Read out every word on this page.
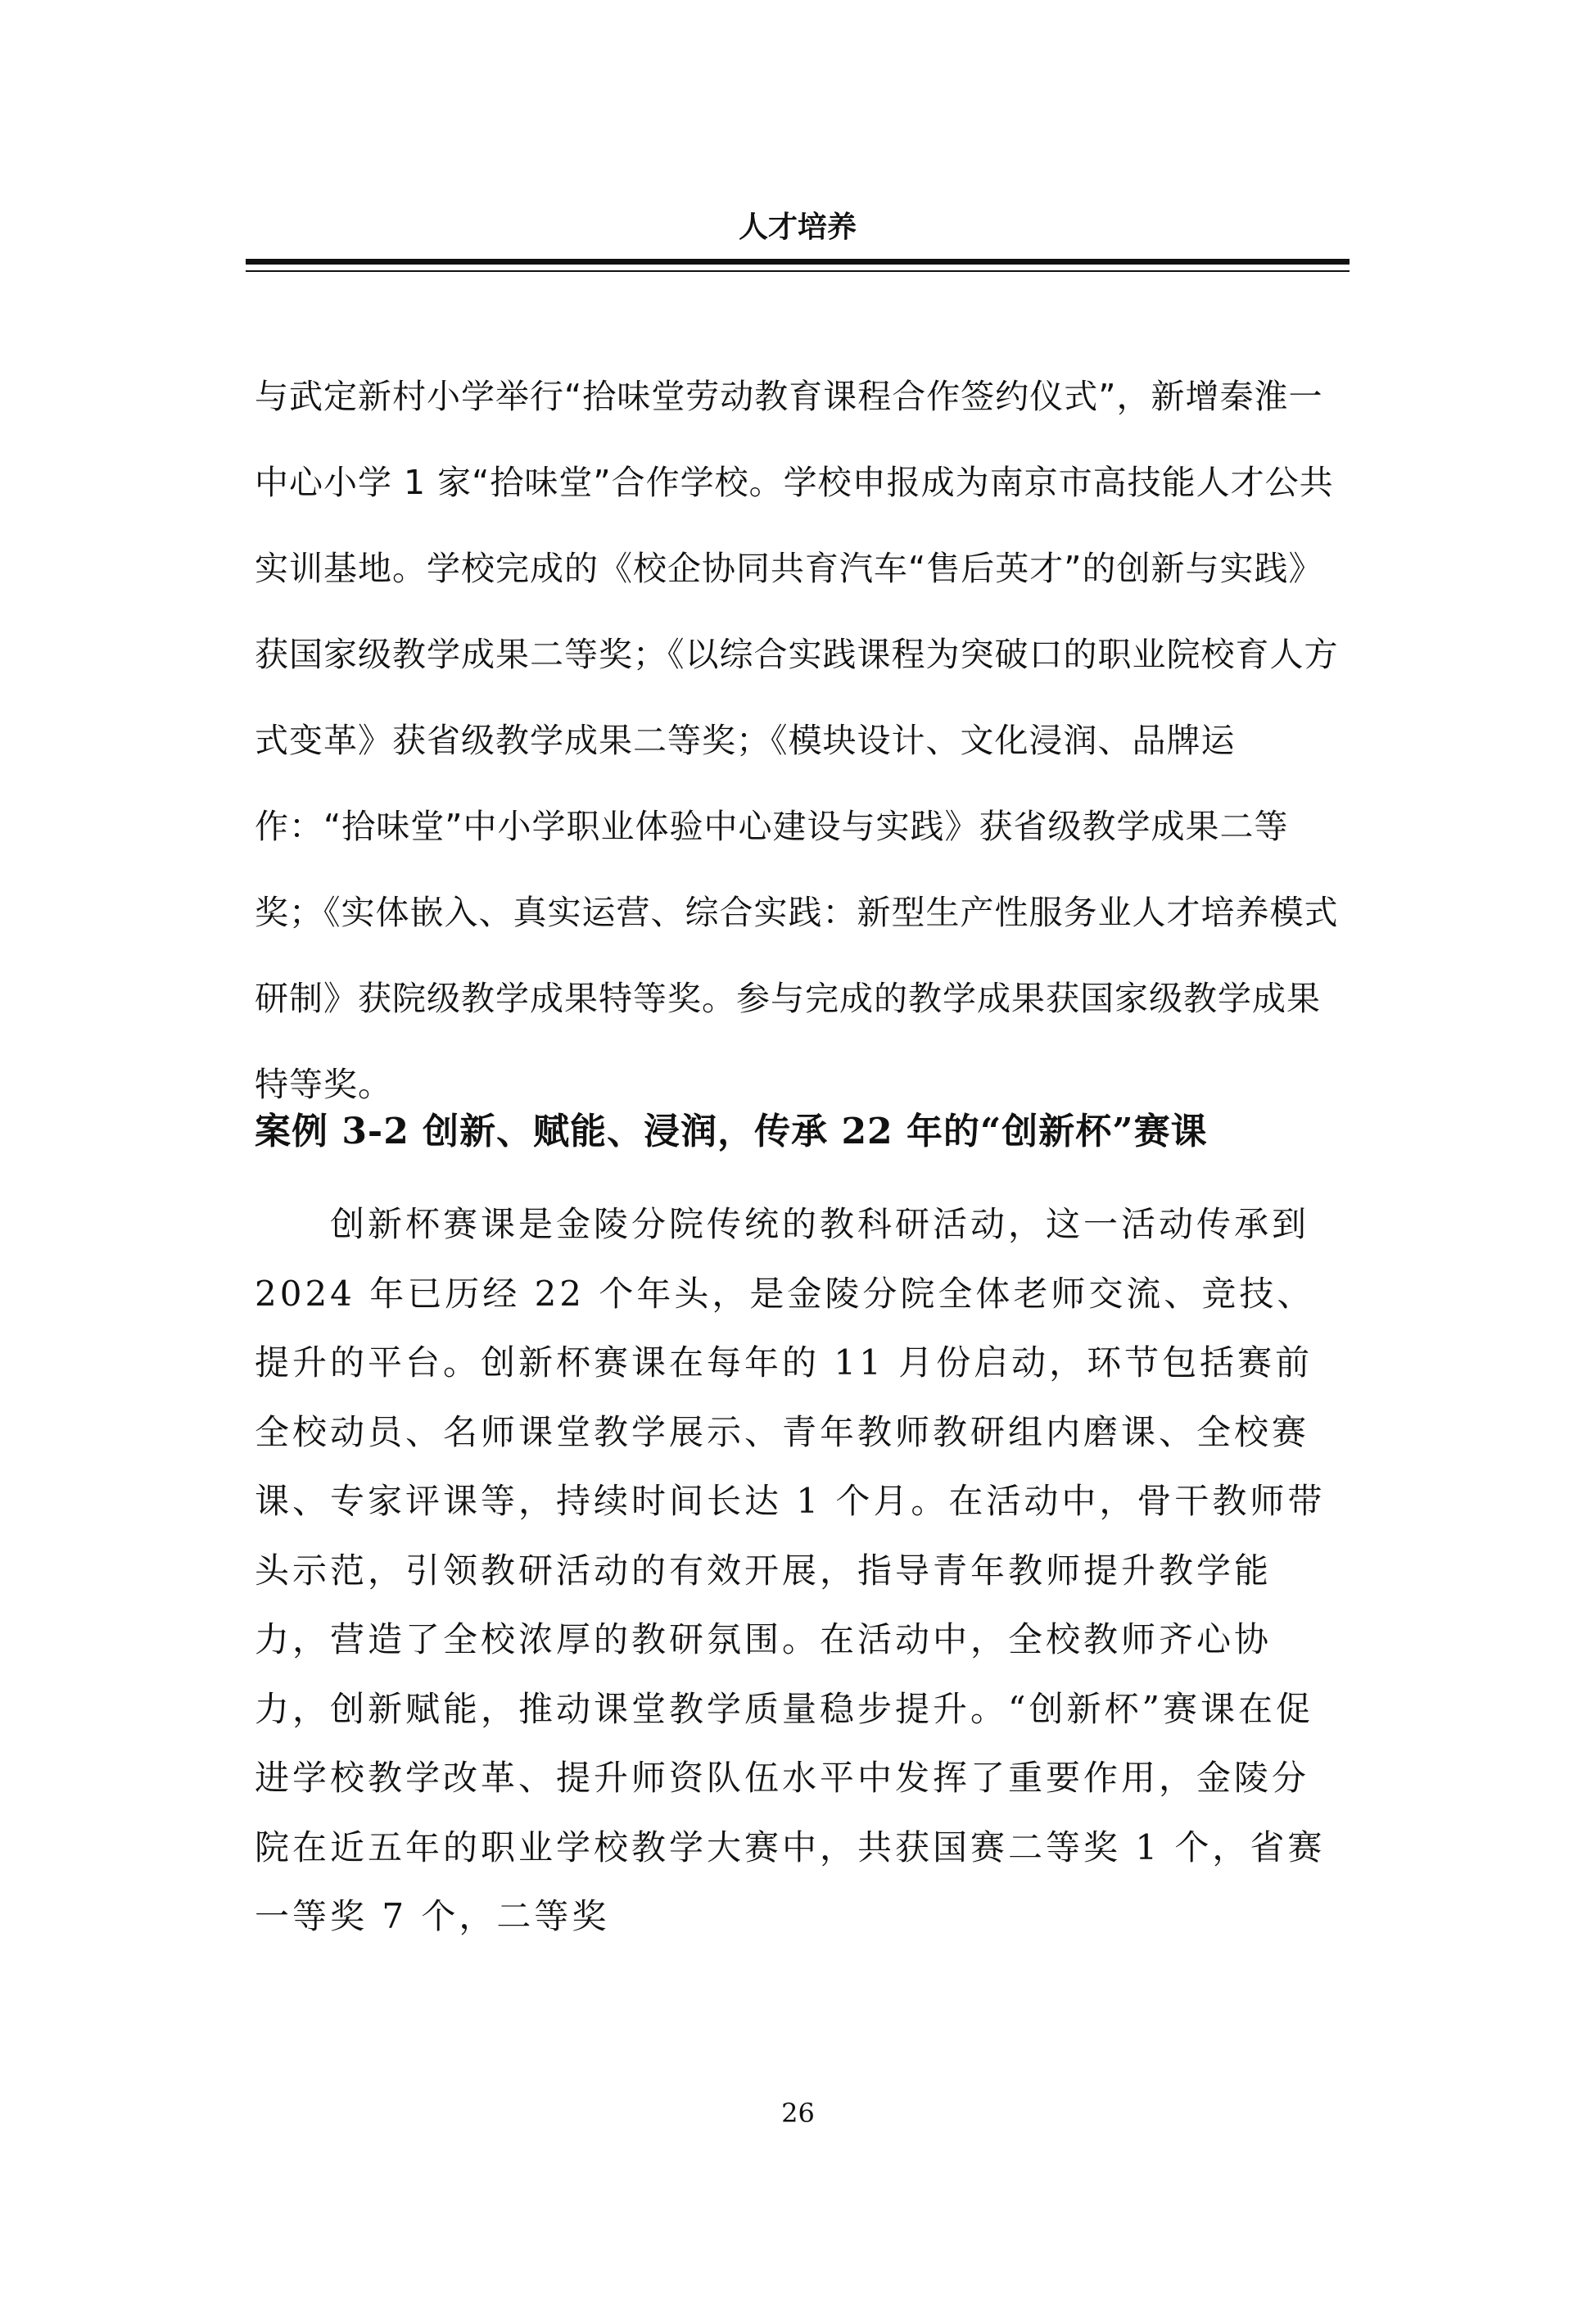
人才培养

与武定新村小学举行“拾味堂劳动教育课程合作签约仪式”，新增秦淮一中心小学 1 家“拾味堂”合作学校。学校申报成为南京市高技能人才公共实训基地。学校完成的《校企协同共育汽车“售后英才”的创新与实践》获国家级教学成果二等奖；《以综合实践课程为突破口的职业院校育人方式变革》获省级教学成果二等奖；《模块设计、文化浸润、品牌运作：“拾味堂”中小学职业体验中心建设与实践》获省级教学成果二等奖；《实体嵌入、真实运营、综合实践：新型生产性服务业人才培养模式研制》获院级教学成果特等奖。参与完成的教学成果获国家级教学成果特等奖。

案例 3-2 创新、赋能、浸润，传承 22 年的“创新杯”赛课

创新杯赛课是金陵分院传统的教科研活动，这一活动传承到 2024 年已历经 22 个年头，是金陵分院全体老师交流、竞技、提升的平台。创新杯赛课在每年的 11 月份启动，环节包括赛前全校动员、名师课堂教学展示、青年教师教研组内磨课、全校赛课、专家评课等，持续时间长达 1 个月。在活动中，骨干教师带头示范，引领教研活动的有效开展，指导青年教师提升教学能力，营造了全校浓厚的教研氛围。在活动中，全校教师齐心协力，创新赋能，推动课堂教学质量稳步提升。“创新杯”赛课在促进学校教学改革、提升师资队伍水平中发挥了重要作用，金陵分院在近五年的职业学校教学大赛中，共获国赛二等奖 1 个，省赛一等奖 7 个，二等奖

26
